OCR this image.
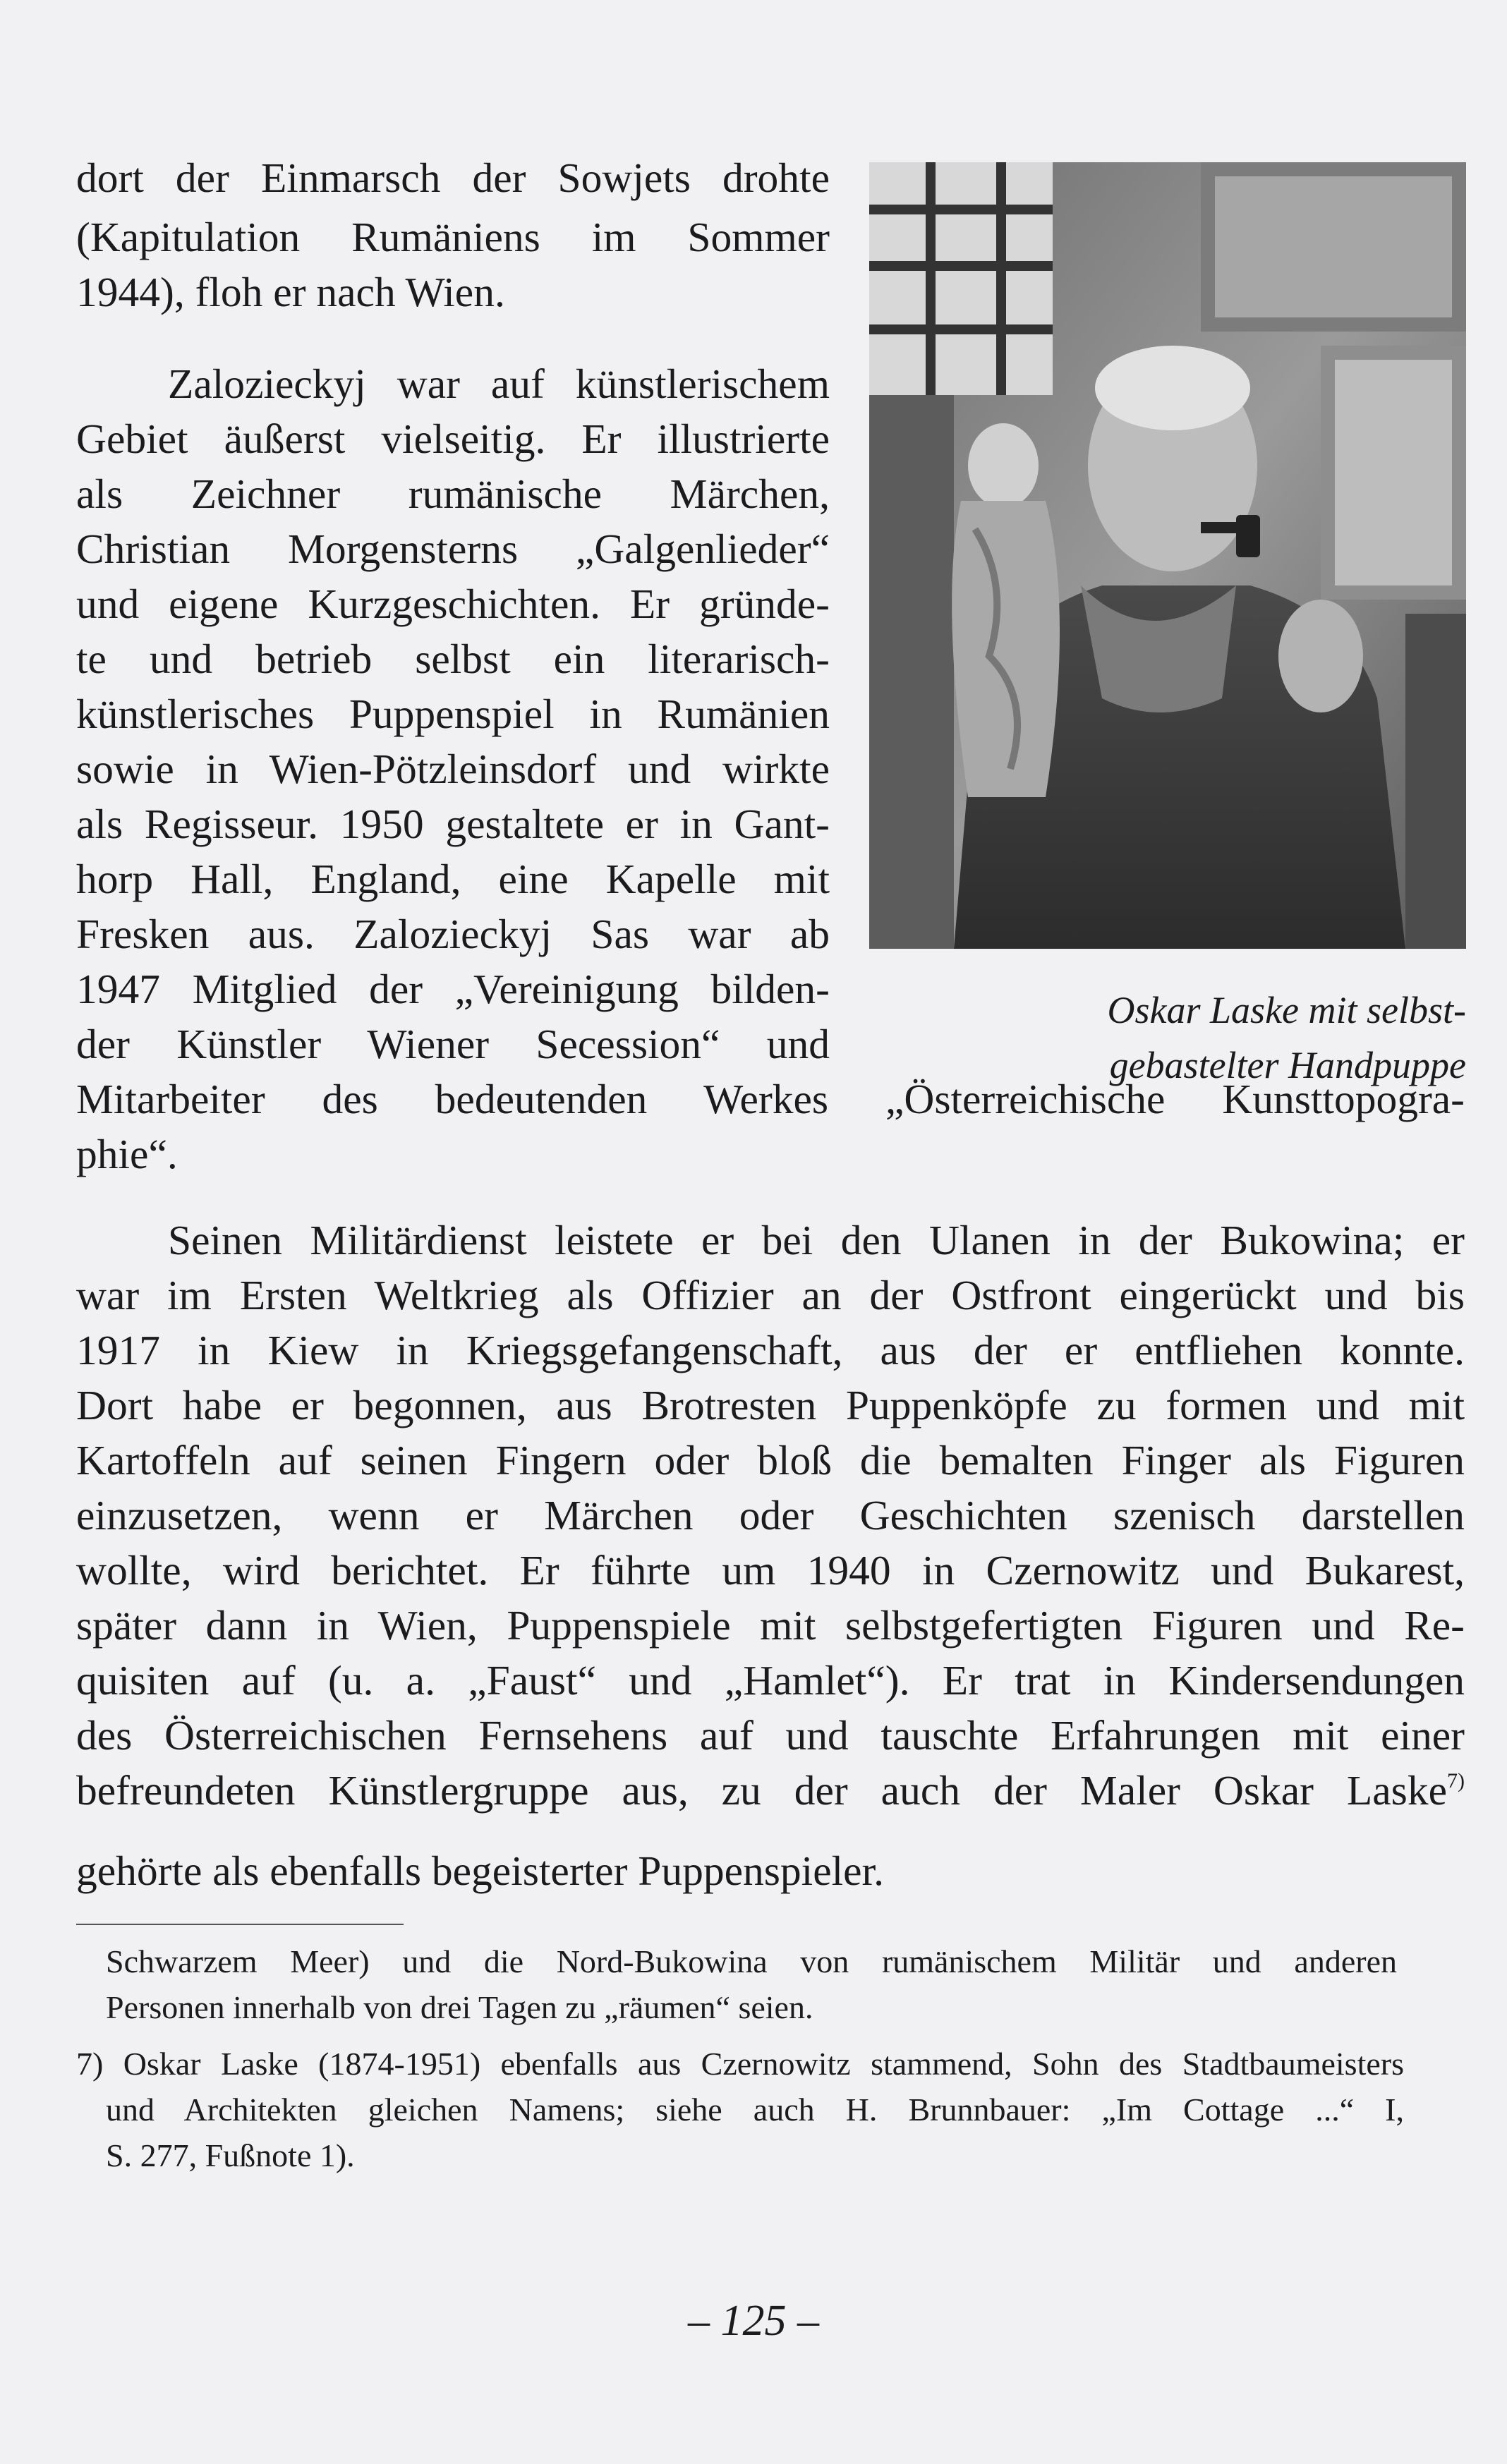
dort der Einmarsch der Sowjets drohte
(Kapitulation Rumäniens im Sommer
1944), floh er nach Wien.
Zalozieckyj war auf künstlerischem
Gebiet äußerst vielseitig. Er illustrierte
als Zeichner rumänische Märchen,
Christian Morgensterns „Galgenlieder“
und eigene Kurzgeschichten. Er gründe-
te und betrieb selbst ein literarisch-
künstlerisches Puppenspiel in Rumänien
sowie in Wien-Pötzleinsdorf und wirkte
als Regisseur. 1950 gestaltete er in Gant-
horp Hall, England, eine Kapelle mit
Fresken aus. Zalozieckyj Sas war ab
1947 Mitglied der „Vereinigung bilden-
der Künstler Wiener Secession“ und
Mitarbeiter des bedeutenden Werkes „Österreichische Kunsttopogra-
phie“.
Seinen Militärdienst leistete er bei den Ulanen in der Bukowina; er
war im Ersten Weltkrieg als Offizier an der Ostfront eingerückt und bis
1917 in Kiew in Kriegsgefangenschaft, aus der er entfliehen konnte.
Dort habe er begonnen, aus Brotresten Puppenköpfe zu formen und mit
Kartoffeln auf seinen Fingern oder bloß die bemalten Finger als Figuren
einzusetzen, wenn er Märchen oder Geschichten szenisch darstellen
wollte, wird berichtet. Er führte um 1940 in Czernowitz und Bukarest,
später dann in Wien, Puppenspiele mit selbstgefertigten Figuren und Re-
quisiten auf (u. a. „Faust“ und „Hamlet“). Er trat in Kindersendungen
des Österreichischen Fernsehens auf und tauschte Erfahrungen mit einer
befreundeten Künstlergruppe aus, zu der auch der Maler Oskar Laske$^{7)}$
gehörte als ebenfalls begeisterter Puppenspieler.
Oskar Laske mit selbst-
gebastelter Handpuppe
Schwarzem Meer) und die Nord-Bukowina von rumänischem Militär und anderen
Personen innerhalb von drei Tagen zu „räumen“ seien.
7) Oskar Laske (1874-1951) ebenfalls aus Czernowitz stammend, Sohn des Stadtbaumeisters
und Architekten gleichen Namens; siehe auch H. Brunnbauer: „Im Cottage ...“ I,
S. 277, Fußnote 1).
– 125 –
